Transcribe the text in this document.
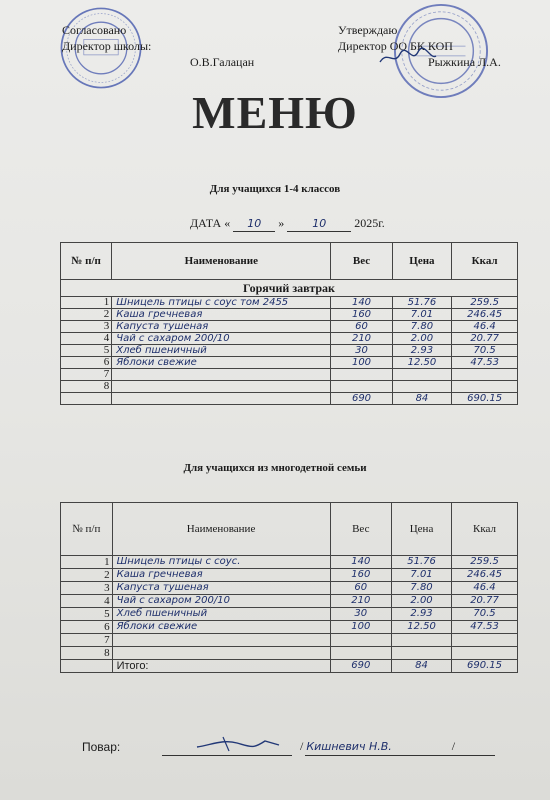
Согласовано
Директор школы:
О.В.Галацан
Утверждаю
Директор ОО БК КОП
Рыжкина Л.А.
МЕНЮ
Для учащихся 1-4 классов
ДАТА « 10 »	10 2025г.
№ п/п	Наименование	Вес	Цена	Ккал
Горячий завтрак				
1	Шницель птицы с соус том 2455	140	51.76	259.5
2	Каша гречневая	160	7.01	246.45
3	Капуста тушеная	60	7.80	46.4
4	Чай с сахаром 200/10	210	2.00	20.77
5	Хлеб пшеничный	30	2.93	70.5
6	Яблоки свежие	100	12.50	47.53
7				
8				
		690	84	690.15
Для учащихся из многодетной семьи
№ п/п	Наименование	Вес	Цена	Ккал
1	Шницель птицы с соус.	140	51.76	259.5
2	Каша гречневая	160	7.01	246.45
3	Капуста тушеная	60	7.80	46.4
4	Чай с сахаром 200/10	210	2.00	20.77
5	Хлеб пшеничный	30	2.93	70.5
6	Яблоки свежие	100	12.50	47.53
7				
8				
	Итого:	690	84	690.15
Повар:	/ Кишневич Н.В.	/
